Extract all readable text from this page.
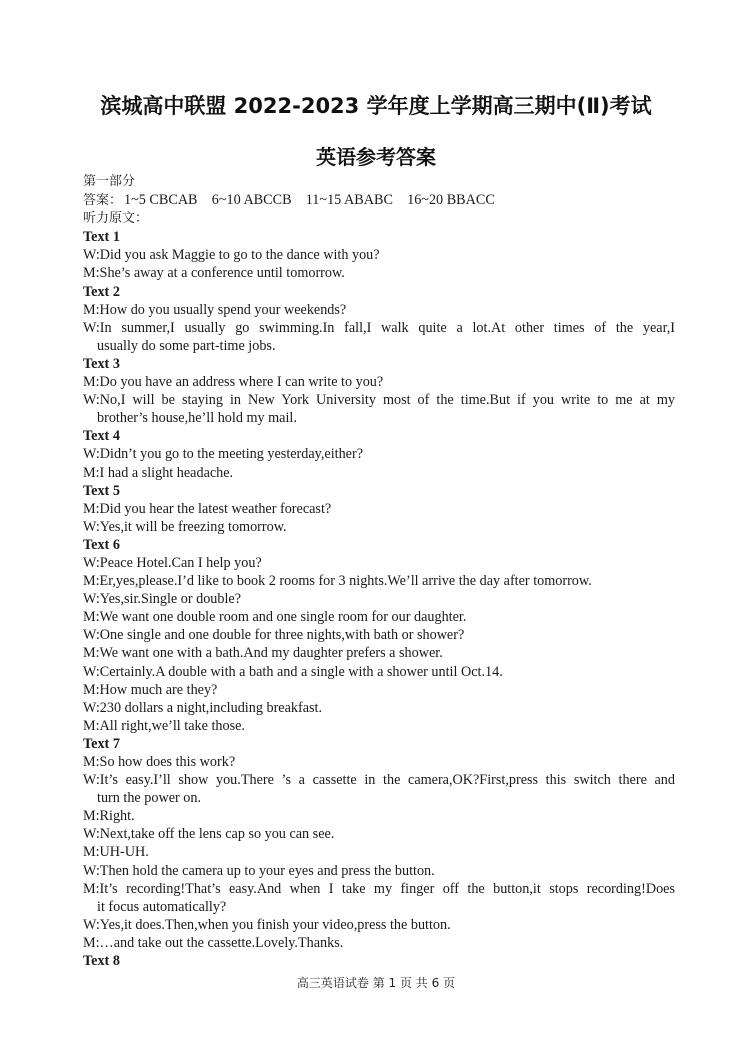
滨城高中联盟 2022-2023 学年度上学期高三期中(Ⅱ)考试
英语参考答案
第一部分
答案： 1~5 CBCAB 6~10 ABCCB 11~15 ABABC 16~20 BBACC
听力原文：
Text 1
W:Did you ask Maggie to go to the dance with you?
M:She’s away at a conference until tomorrow.
Text 2
M:How do you usually spend your weekends?
W:In summer,I usually go swimming.In fall,I walk quite a lot.At other times of the year,I
usually do some part-time jobs.
Text 3
M:Do you have an address where I can write to you?
W:No,I will be staying in New York University most of the time.But if you write to me at my
brother’s house,he’ll hold my mail.
Text 4
W:Didn’t you go to the meeting yesterday,either?
M:I had a slight headache.
Text 5
M:Did you hear the latest weather forecast?
W:Yes,it will be freezing tomorrow.
Text 6
W:Peace Hotel.Can I help you?
M:Er,yes,please.I’d like to book 2 rooms for 3 nights.We’ll arrive the day after tomorrow.
W:Yes,sir.Single or double?
M:We want one double room and one single room for our daughter.
W:One single and one double for three nights,with bath or shower?
M:We want one with a bath.And my daughter prefers a shower.
W:Certainly.A double with a bath and a single with a shower until Oct.14.
M:How much are they?
W:230 dollars a night,including breakfast.
M:All right,we’ll take those.
Text 7
M:So how does this work?
W:It’s easy.I’ll show you.There ’s a cassette in the camera,OK?First,press this switch there and
turn the power on.
M:Right.
W:Next,take off the lens cap so you can see.
M:UH-UH.
W:Then hold the camera up to your eyes and press the button.
M:It’s recording!That’s easy.And when I take my finger off the button,it stops recording!Does
it focus automatically?
W:Yes,it does.Then,when you finish your video,press the button.
M:…and take out the cassette.Lovely.Thanks.
Text 8
高三英语试卷 第 1 页 共 6 页
